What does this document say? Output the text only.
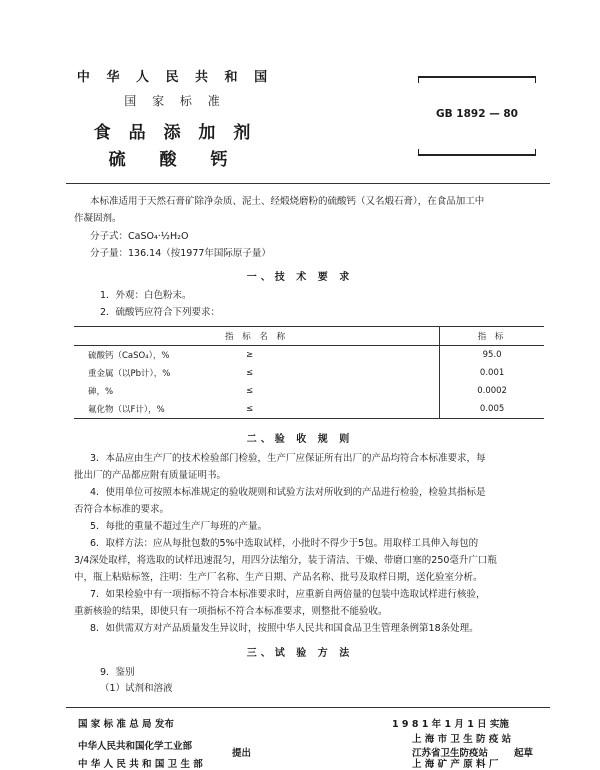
中 华 人 民 共 和 国
国 家 标 准
食 品 添 加 剂
硫 酸 钙
GB 1892 — 80
本标准适用于天然石膏矿除净杂质、泥土、经煅烧磨粉的硫酸钙（又名煅石膏），在食品加工中
作凝固剂。
分子式：CaSO₄·½H₂O
分子量：136.14（按1977年国际原子量）
一、技 术 要 求
1．外观：白色粉末。
2．硫酸钙应符合下列要求：
指 标 名 称		指 标
硫酸钙（CaSO₄），%	≥	95.0
重金属（以Pb计），%	≤	0.001
砷，%	≤	0.0002
氟化物（以F计），%	≤	0.005
二、验 收 规 则
3．本品应由生产厂的技术检验部门检验，生产厂应保证所有出厂的产品均符合本标准要求，每
批出厂的产品都应附有质量证明书。
4．使用单位可按照本标准规定的验收规则和试验方法对所收到的产品进行检验，检验其指标是
否符合本标准的要求。
5．每批的重量不超过生产厂每班的产量。
6．取样方法：应从每批包数的5%中选取试样，小批时不得少于5包。用取样工具伸入每包的
3/4深处取样，将选取的试样迅速混匀，用四分法缩分，装于清洁、干燥、带磨口塞的250毫升广口瓶
中，瓶上粘贴标签，注明：生产厂名称、生产日期、产品名称、批号及取样日期，送化验室分析。
7．如果检验中有一项指标不符合本标准要求时，应重新自两倍量的包装中选取试样进行核验，
重新核验的结果，即使只有一项指标不符合本标准要求，则整批不能验收。
8．如供需双方对产品质量发生异议时，按照中华人民共和国食品卫生管理条例第18条处理。
三、试 验 方 法
9．鉴别
（1）试剂和溶液
国 家 标 准 总 局 发布
中华人民共和国化学工业部
提出
中 华 人 民 共 和 国 卫 生 部
1 9 8 1 年 1 月 1 日 实施
上 海 市 卫 生 防 疫 站
江苏省卫生防疫站	起草
上 海 矿 产 原 料 厂
